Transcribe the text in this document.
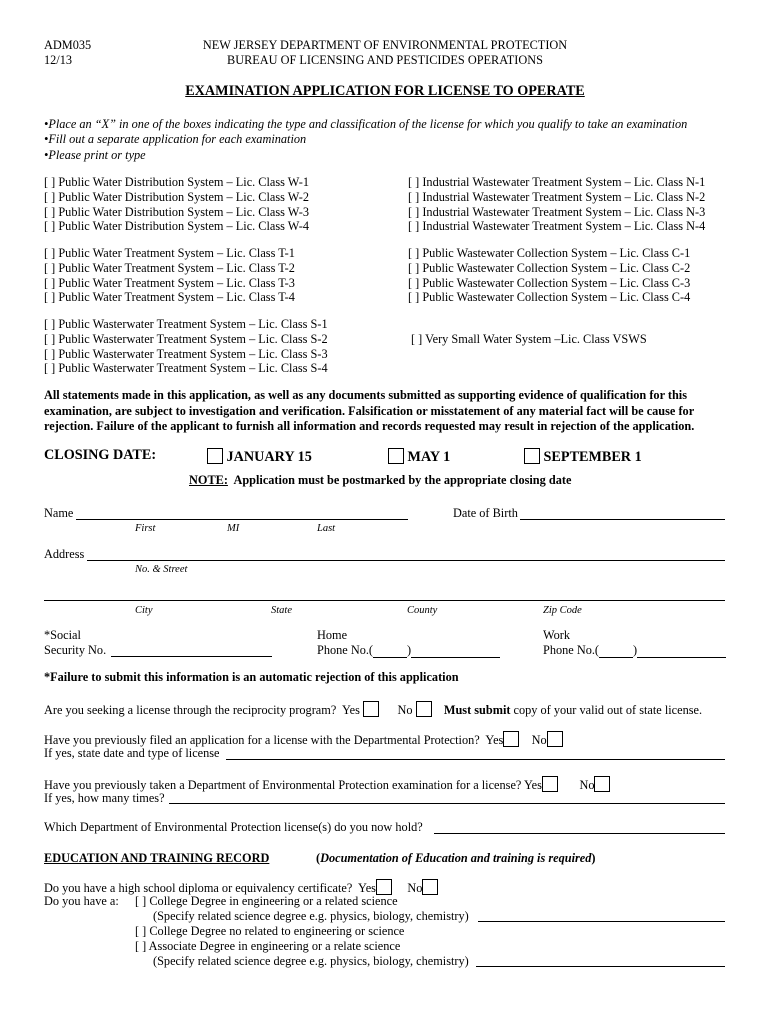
ADM035
12/13
NEW JERSEY DEPARTMENT OF ENVIRONMENTAL PROTECTION
BUREAU OF LICENSING AND PESTICIDES OPERATIONS
EXAMINATION APPLICATION FOR LICENSE TO OPERATE
•Place an “X” in one of the boxes indicating the type and classification of the license for which you qualify to take an examination
•Fill out a separate application for each examination
•Please print or type
[ ] Public Water Distribution System – Lic. Class W-1
[ ] Public Water Distribution System – Lic. Class W-2
[ ] Public Water Distribution System – Lic. Class W-3
[ ] Public Water Distribution System – Lic. Class W-4
[ ] Public Water Treatment System – Lic. Class T-1
[ ] Public Water Treatment System – Lic. Class T-2
[ ] Public Water Treatment System – Lic. Class T-3
[ ] Public Water Treatment System – Lic. Class T-4
[ ] Public Wasterwater Treatment System – Lic. Class S-1
[ ] Public Wasterwater Treatment System – Lic. Class S-2
[ ] Public Wasterwater Treatment System – Lic. Class S-3
[ ] Public Wasterwater Treatment System – Lic. Class S-4
[ ] Industrial Wastewater Treatment System – Lic. Class N-1
[ ] Industrial Wastewater Treatment System – Lic. Class N-2
[ ] Industrial Wastewater Treatment System – Lic. Class N-3
[ ] Industrial Wastewater Treatment System – Lic. Class N-4
[ ] Public Wastewater Collection System – Lic. Class C-1
[ ] Public Wastewater Collection System – Lic. Class C-2
[ ] Public Wastewater Collection System – Lic. Class C-3
[ ] Public Wastewater Collection System – Lic. Class C-4
[ ] Very Small Water System –Lic. Class VSWS
All statements made in this application, as well as any documents submitted as supporting evidence of qualification for this examination, are subject to investigation and verification. Falsification or misstatement of any material fact will be cause for rejection. Failure of the applicant to furnish all information and records requested may result in rejection of the application.
CLOSING DATE:	JANUARY 15	MAY 1	SEPTEMBER 1
NOTE: Application must be postmarked by the appropriate closing date
Name
First	MI	Last
Date of Birth
Address
No. & Street
City	State	County	Zip Code
*Social
Security No.
Home
Phone No.(	)
Work
Phone No.(	)
*Failure to submit this information is an automatic rejection of this application
Are you seeking a license through the reciprocity program? Yes	No	Must submit copy of your valid out of state license.
Have you previously filed an application for a license with the Departmental Protection? Yes No
If yes, state date and type of license
Have you previously taken a Department of Environmental Protection examination for a license? Yes	No
If yes, how many times?
Which Department of Environmental Protection license(s) do you now hold?
EDUCATION AND TRAINING RECORD	(Documentation of Education and training is required)
Do you have a high school diploma or equivalency certificate? Yes	No
Do you have a: [ ] College Degree in engineering or a related science
(Specify related science degree e.g. physics, biology, chemistry)
[ ] College Degree no related to engineering or science
[ ] Associate Degree in engineering or a relate science
(Specify related science degree e.g. physics, biology, chemistry)
